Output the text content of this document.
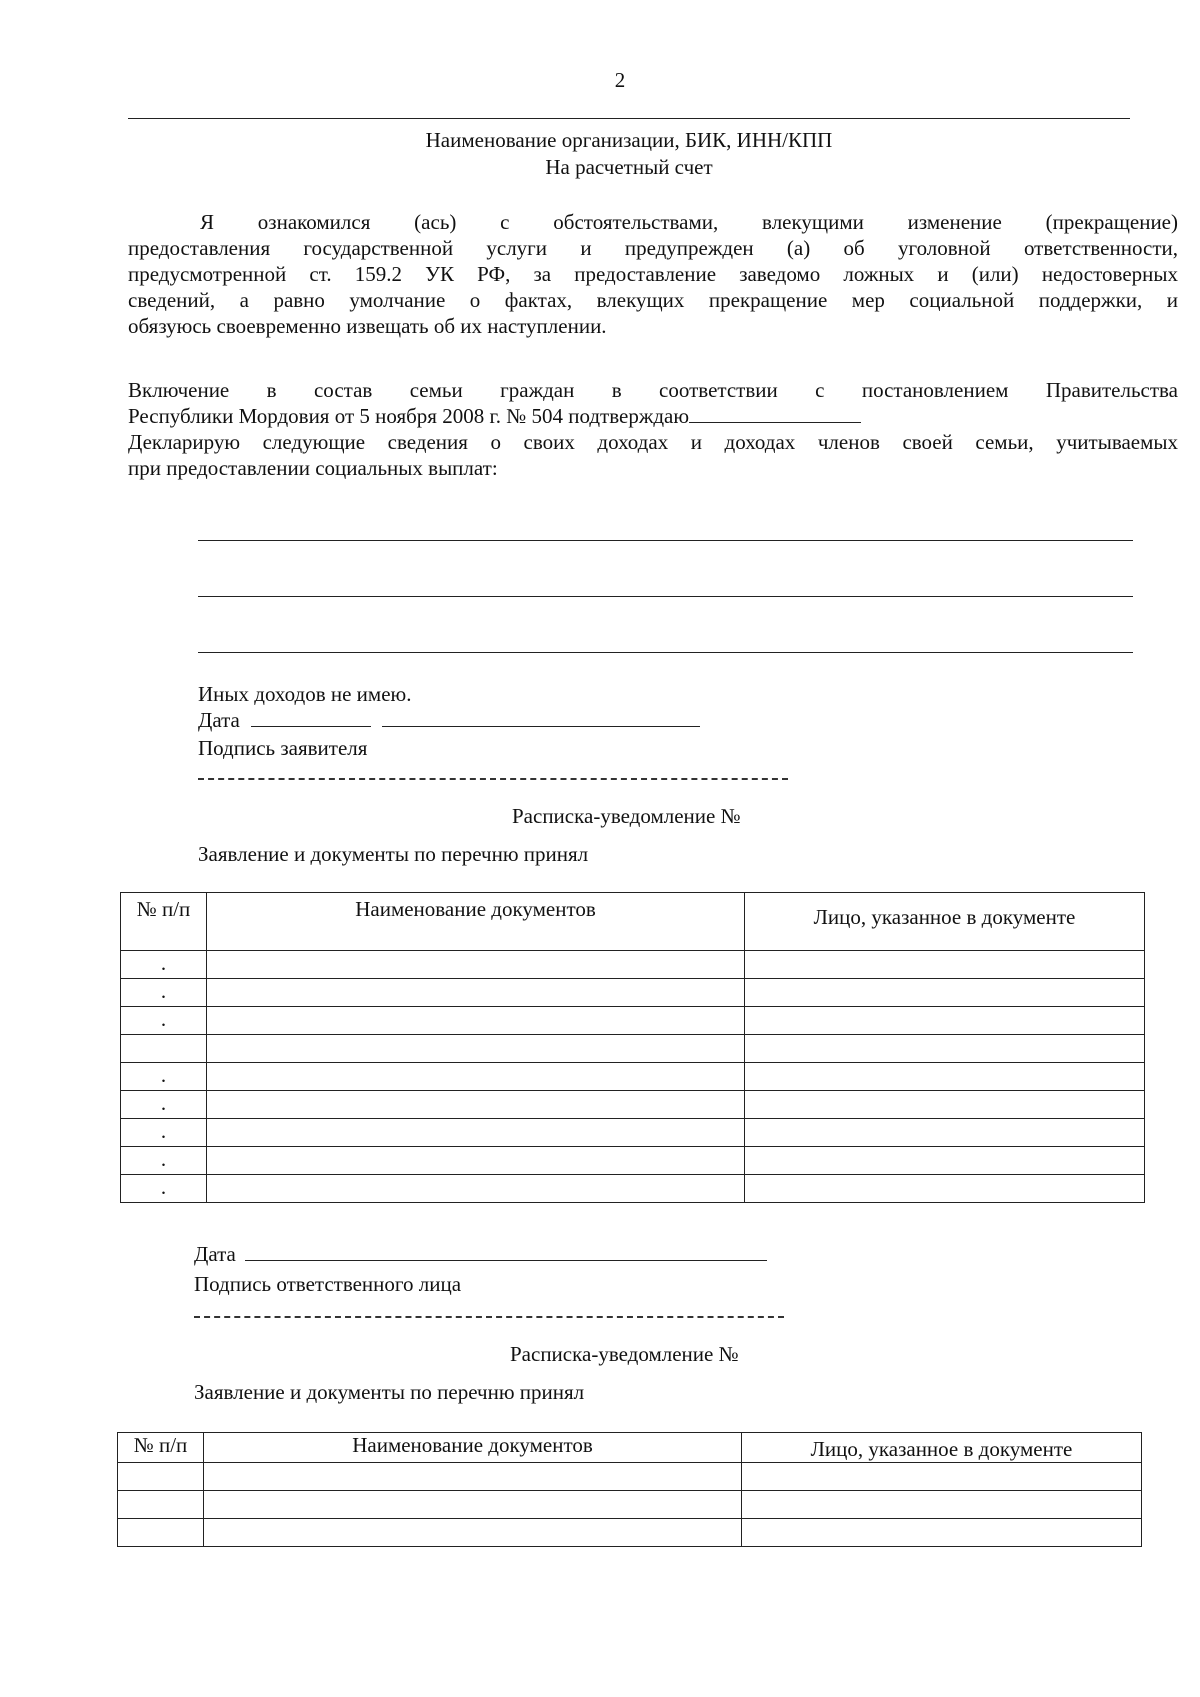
2
Наименование организации, БИК, ИНН/КПП
На расчетный счет
Я ознакомился (ась) с обстоятельствами, влекущими изменение (прекращение)
предоставления государственной услуги и предупрежден (а) об уголовной ответственности,
предусмотренной ст. 159.2 УК РФ, за предоставление заведомо ложных и (или) недостоверных
сведений, а равно умолчание о фактах, влекущих прекращение мер социальной поддержки, и
обязуюсь своевременно извещать об их наступлении.
Включение в состав семьи граждан в соответствии с постановлением Правительства
Республики Мордовия от 5 ноября 2008 г. № 504 подтверждаю
Декларирую следующие сведения о своих доходах и доходах членов своей семьи, учитываемых
при предоставлении социальных выплат:
Иных доходов не имею.
Дата
Подпись заявителя
Расписка-уведомление №
Заявление и документы по перечню принял
№ п/п	Наименование документов	Лицо, указанное в документе
.		
.		
.		

.		
.		
.		
.		
.		
Дата
Подпись ответственного лица
Расписка-уведомление №
Заявление и документы по перечню принял
№ п/п	Наименование документов	Лицо, указанное в документе
